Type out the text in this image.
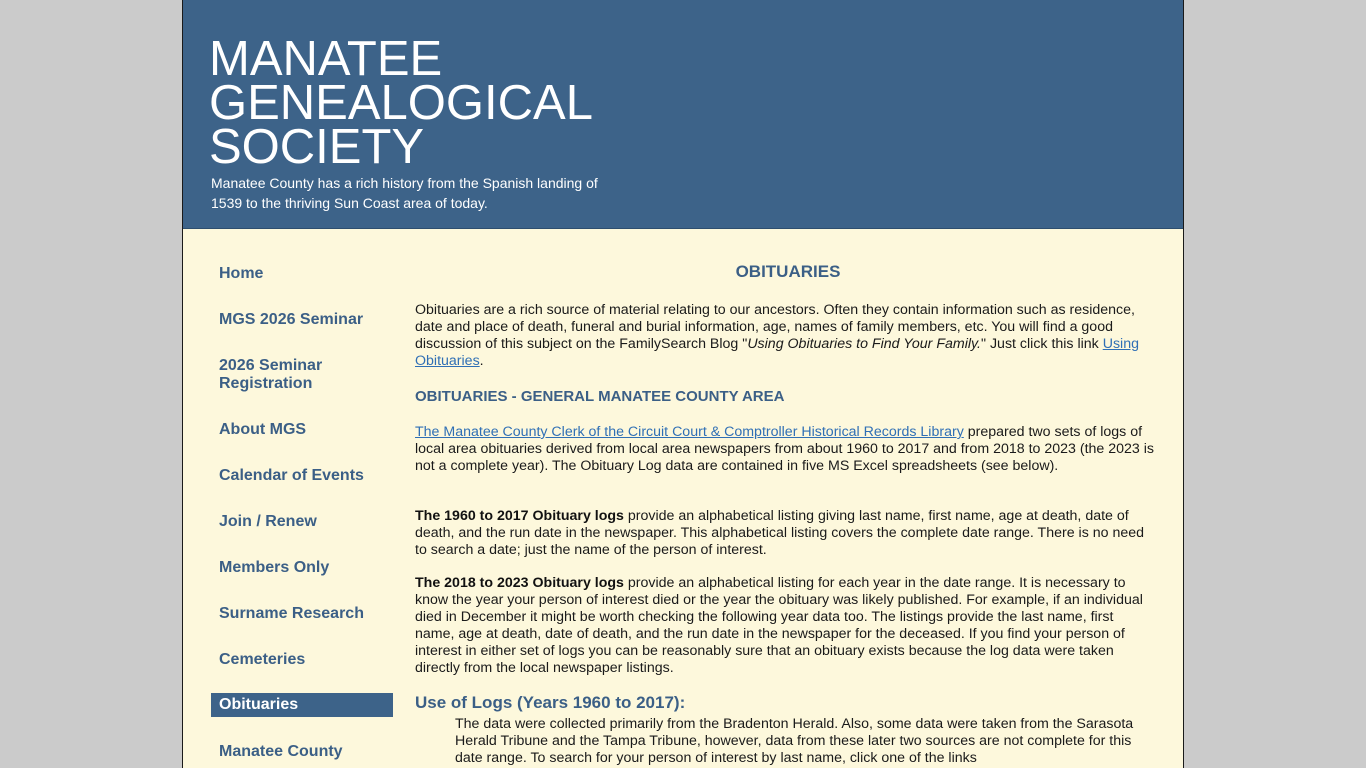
MANATEE
GENEALOGICAL
SOCIETY
Manatee County has a rich history from the Spanish landing of 1539 to the thriving Sun Coast area of today.
Home
MGS 2026 Seminar
2026 Seminar Registration
About MGS
Calendar of Events
Join / Renew
Members Only
Surname Research
Cemeteries
Obituaries
Manatee County
OBITUARIES

Obituaries are a rich source of material relating to our ancestors. Often they contain information such as residence, date and place of death, funeral and burial information, age, names of family members, etc. You will find a good discussion of this subject on the FamilySearch Blog "Using Obituaries to Find Your Family." Just click this link Using Obituaries.

OBITUARIES - GENERAL MANATEE COUNTY AREA

The Manatee County Clerk of the Circuit Court & Comptroller Historical Records Library prepared two sets of logs of local area obituaries derived from local area newspapers from about 1960 to 2017 and from 2018 to 2023 (the 2023 is not a complete year). The Obituary Log data are contained in five MS Excel spreadsheets (see below).

The 1960 to 2017 Obituary logs provide an alphabetical listing giving last name, first name, age at death, date of death, and the run date in the newspaper. This alphabetical listing covers the complete date range. There is no need to search a date; just the name of the person of interest.

The 2018 to 2023 Obituary logs provide an alphabetical listing for each year in the date range. It is necessary to know the year your person of interest died or the year the obituary was likely published. For example, if an individual died in December it might be worth checking the following year data too. The listings provide the last name, first name, age at death, date of death, and the run date in the newspaper for the deceased. If you find your person of interest in either set of logs you can be reasonably sure that an obituary exists because the log data were taken directly from the local newspaper listings.

Use of Logs (Years 1960 to 2017):

The data were collected primarily from the Bradenton Herald. Also, some data were taken from the Sarasota Herald Tribune and the Tampa Tribune, however, data from these later two sources are not complete for this date range. To search for your person of interest by last name, click one of the links
